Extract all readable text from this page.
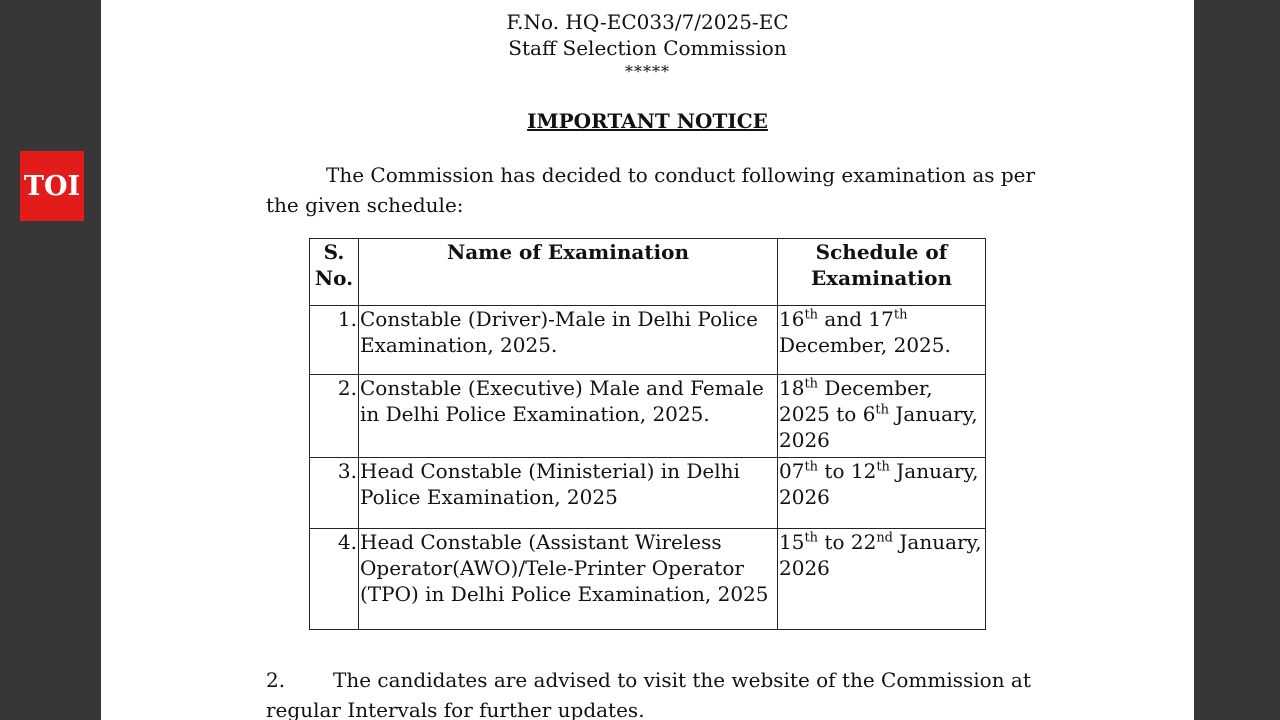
TOI
F.No. HQ-EC033/7/2025-EC
Staff Selection Commission
*****
IMPORTANT NOTICE
The Commission has decided to conduct following examination as per the given schedule:
S. No.	Name of Examination	Schedule of Examination
1.	Constable (Driver)-Male in Delhi Police Examination, 2025.	16th and 17th December, 2025.
2.	Constable (Executive) Male and Female in Delhi Police Examination, 2025.	18th December, 2025 to 6th January, 2026
3.	Head Constable (Ministerial) in Delhi Police Examination, 2025	07th to 12th January, 2026
4.	Head Constable (Assistant Wireless Operator(AWO)/Tele-Printer Operator (TPO) in Delhi Police Examination, 2025	15th to 22nd January, 2026
2. The candidates are advised to visit the website of the Commission at regular Intervals for further updates.
